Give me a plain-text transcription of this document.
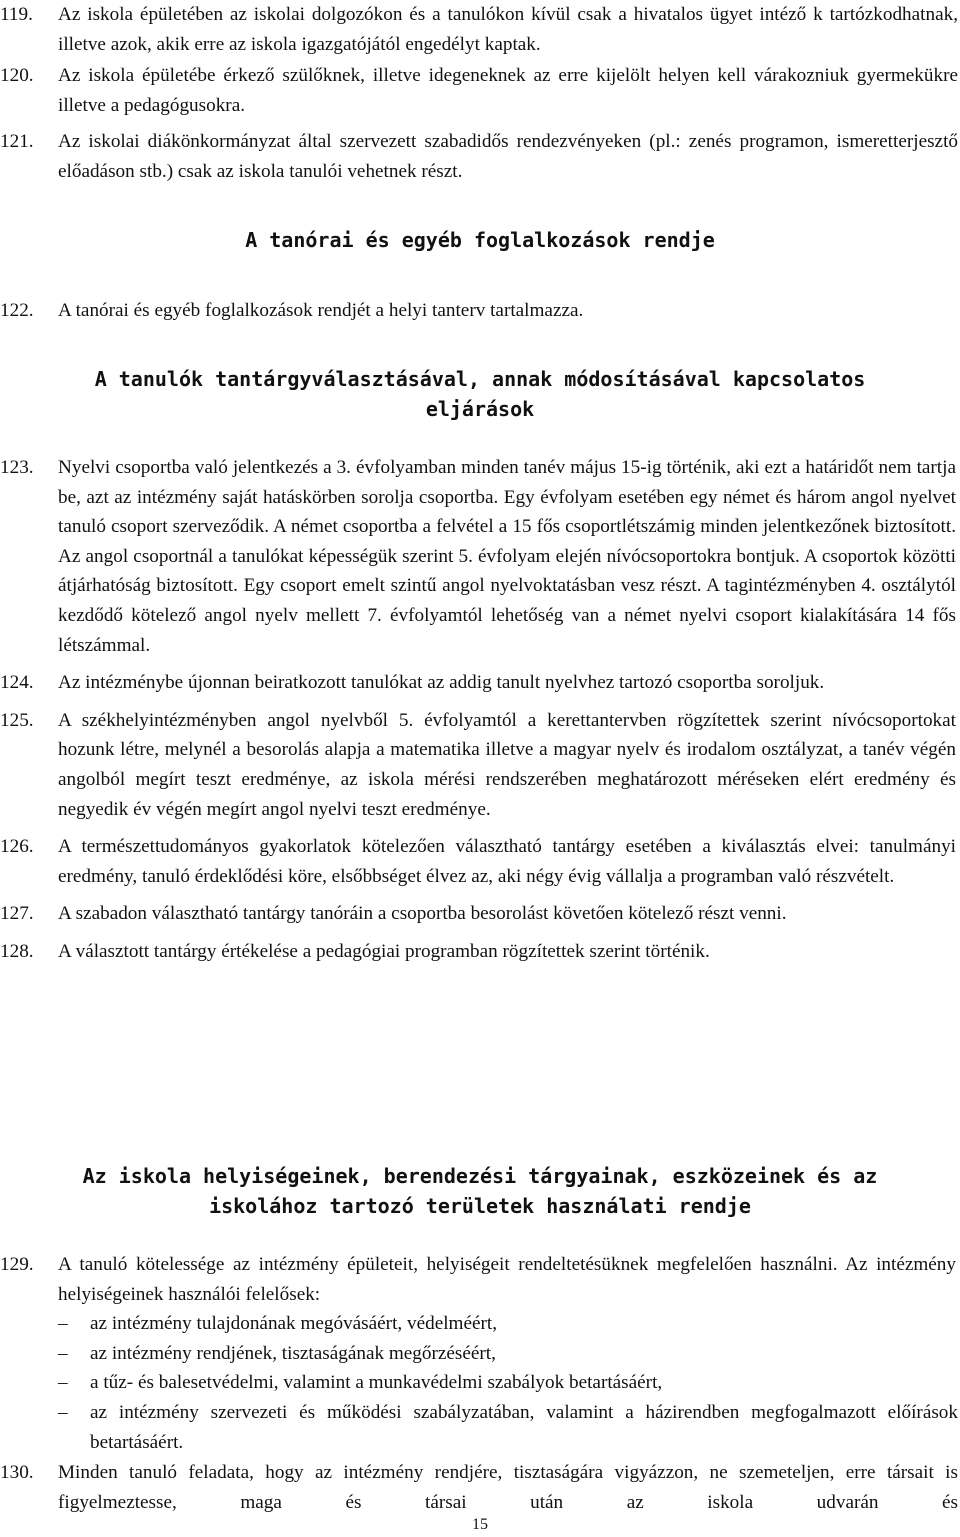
119.	Az iskola épületében az iskolai dolgozókon és a tanulókon kívül csak a hivatalos ügyet intéző k tartózkodhatnak, illetve azok, akik erre az iskola igazgatójától engedélyt kaptak.
120.	Az iskola épületébe érkező szülőknek, illetve idegeneknek az erre kijelölt helyen kell várakozniuk gyermekükre illetve a pedagógusokra.
121.	Az iskolai diákönkormányzat által szervezett szabadidős rendezvényeken (pl.: zenés programon, ismeretterjesztő előadáson stb.) csak az iskola tanulói vehetnek részt.
A tanórai és egyéb foglalkozások rendje
122.	A tanórai és egyéb foglalkozások rendjét a helyi tanterv tartalmazza.
A tanulók tantárgyválasztásával, annak módosításával kapcsolatos
eljárások
123.	Nyelvi csoportba való jelentkezés a 3. évfolyamban minden tanév május 15-ig történik, aki ezt a határidőt nem tartja be, azt az intézmény saját hatáskörben sorolja csoportba. Egy évfolyam esetében egy német és három angol nyelvet tanuló csoport szerveződik. A német csoportba a felvétel a 15 fős csoportlétszámig minden jelentkezőnek biztosított. Az angol csoportnál a tanulókat képességük szerint 5. évfolyam elején nívócsoportokra bontjuk. A csoportok közötti átjárhatóság biztosított. Egy csoport emelt szintű angol nyelvoktatásban vesz részt. A tagintézményben 4. osztálytól kezdődő kötelező angol nyelv mellett 7. évfolyamtól lehetőség van a német nyelvi csoport kialakítására 14 fős létszámmal.
124.	Az intézménybe újonnan beiratkozott tanulókat az addig tanult nyelvhez tartozó csoportba soroljuk.
125.	A székhelyintézményben angol nyelvből 5. évfolyamtól a kerettantervben rögzítettek szerint nívócsoportokat hozunk létre, melynél a besorolás alapja a matematika illetve a magyar nyelv és irodalom osztályzat, a tanév végén angolból megírt teszt eredménye, az iskola mérési rendszerében meghatározott méréseken elért eredmény és negyedik év végén megírt angol nyelvi teszt eredménye.
126.	A természettudományos gyakorlatok kötelezően választható tantárgy esetében a kiválasztás elvei: tanulmányi eredmény, tanuló érdeklődési köre, elsőbbséget élvez az, aki négy évig vállalja a programban való részvételt.
127.	A szabadon választható tantárgy tanóráin a csoportba besorolást követően kötelező részt venni.
128.	A választott tantárgy értékelése a pedagógiai programban rögzítettek szerint történik.
Az iskola helyiségeinek, berendezési tárgyainak, eszközeinek és az
iskolához tartozó területek használati rendje
129.	A tanuló kötelessége az intézmény épületeit, helyiségeit rendeltetésüknek megfelelően használni. Az intézmény helyiségeinek használói felelősek:
–	az intézmény tulajdonának megóvásáért, védelméért,
–	az intézmény rendjének, tisztaságának megőrzéséért,
–	a tűz- és balesetvédelmi, valamint a munkavédelmi szabályok betartásáért,
–	az intézmény szervezeti és működési szabályzatában, valamint a házirendben megfogalmazott előírások betartásáért.
130.	Minden tanuló feladata, hogy az intézmény rendjére, tisztaságára vigyázzon, ne szemeteljen, erre társait is figyelmeztesse, maga és társai után az iskola udvarán és
15
